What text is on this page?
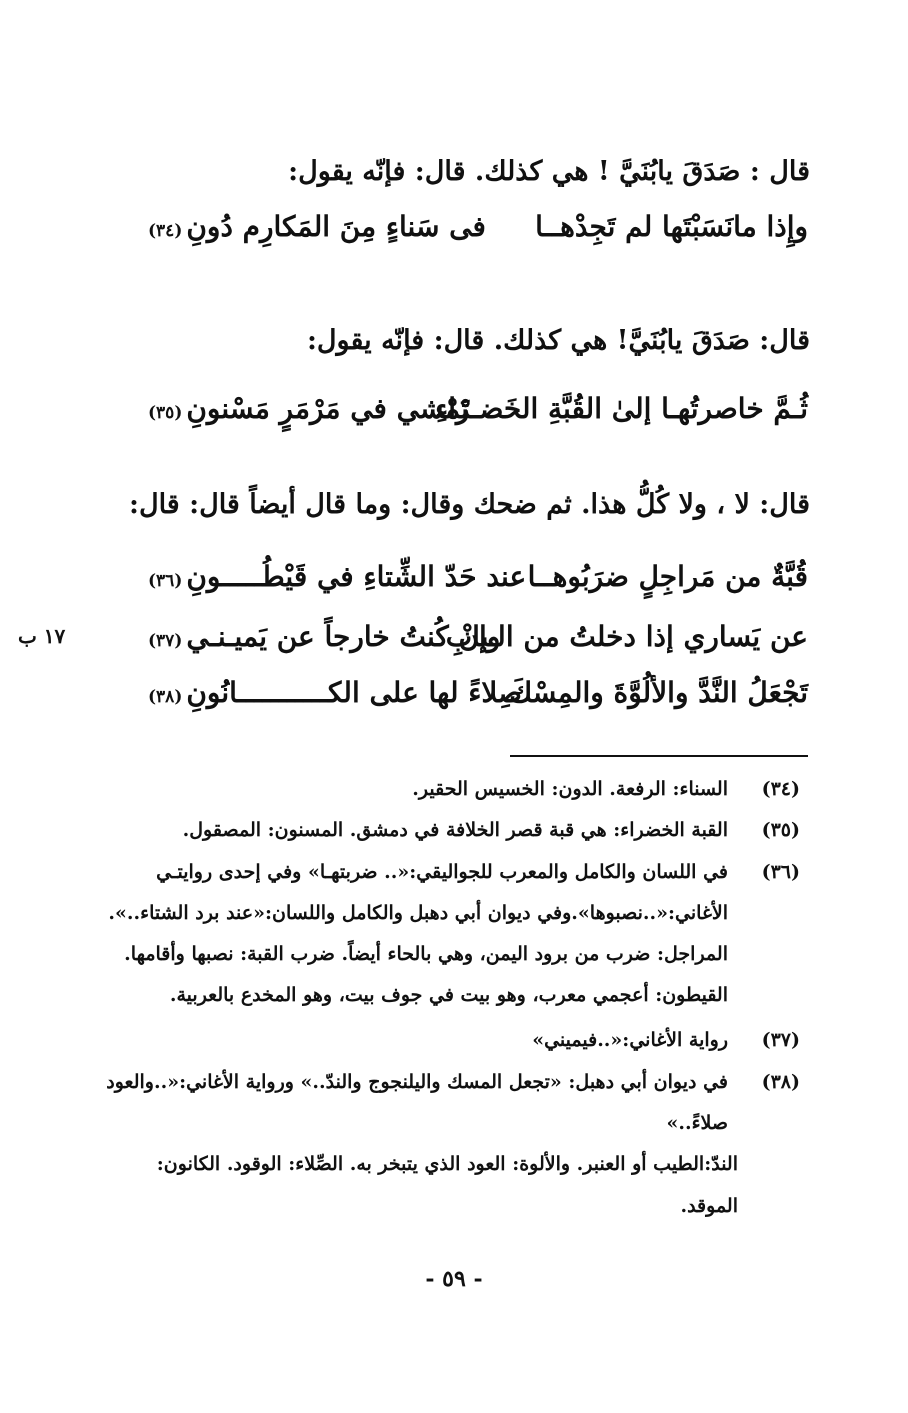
قال : صَدَقَ يابُنَيَّ ! هي كذلك. قال: فإنّه يقول:
وإِذا مانَسَبْتَها لم تَجِدْهــا
فى سَناءٍ مِنَ المَكارِم دُونِ(٣٤)
قال: صَدَقَ يابُنَيَّ! هي كذلك. قال: فإنّه يقول:
ثُـمَّ خاصرتُهـا إلىٰ القُبَّةِ الخَضـرْاءِ
تَمْشي في مَرْمَرٍ مَسْنونِ(٣٥)
قال: لا ، ولا كُلُّ هذا. ثم ضحك وقال: وما قال أيضاً قال: قال:
قُبَّةٌ من مَراجِلٍ ضرَبُوهــا
عند حَدّ الشِّتاءِ في قَيْطُـــــونِ(٣٦)
عن يَساري إذا دخلتُ من الـبابِ
وإنْ كُنتُ خارجاً عن يَميـنـي(٣٧)
١٧ ب
تَجْعَلُ النَّدَّ والألُوَّةَ والمِسْكَ
صِلاءً لها على الكـــــــــــانُونِ(٣٨)
(٣٤)
السناء: الرفعة. الدون: الخسيس الحقير.
(٣٥)
القبة الخضراء: هي قبة قصر الخلافة في دمشق. المسنون: المصقول.
(٣٦)
في اللسان والكامل والمعرب للجواليقي:«.. ضربتهـا» وفي إحدى روايتـي
الأغاني:«..نصبوها».وفي ديوان أبي دهبل والكامل واللسان:«عند برد الشتاء..».
المراجل: ضرب من برود اليمن، وهي بالحاء أيضاً. ضرب القبة: نصبها وأقامها.
القيطون: أعجمي معرب، وهو بيت في جوف بيت، وهو المخدع بالعربية.
(٣٧)
رواية الأغاني:«..فيميني»
(٣٨)
في ديوان أبي دهبل: «تجعل المسك واليلنجوج والندّ..» ورواية الأغاني:«..والعود
صلاءً..»
الندّ:الطيب أو العنبر. والألوة: العود الذي يتبخر به. الصِّلاء: الوقود. الكانون:
الموقد.
- ٥٩ -
